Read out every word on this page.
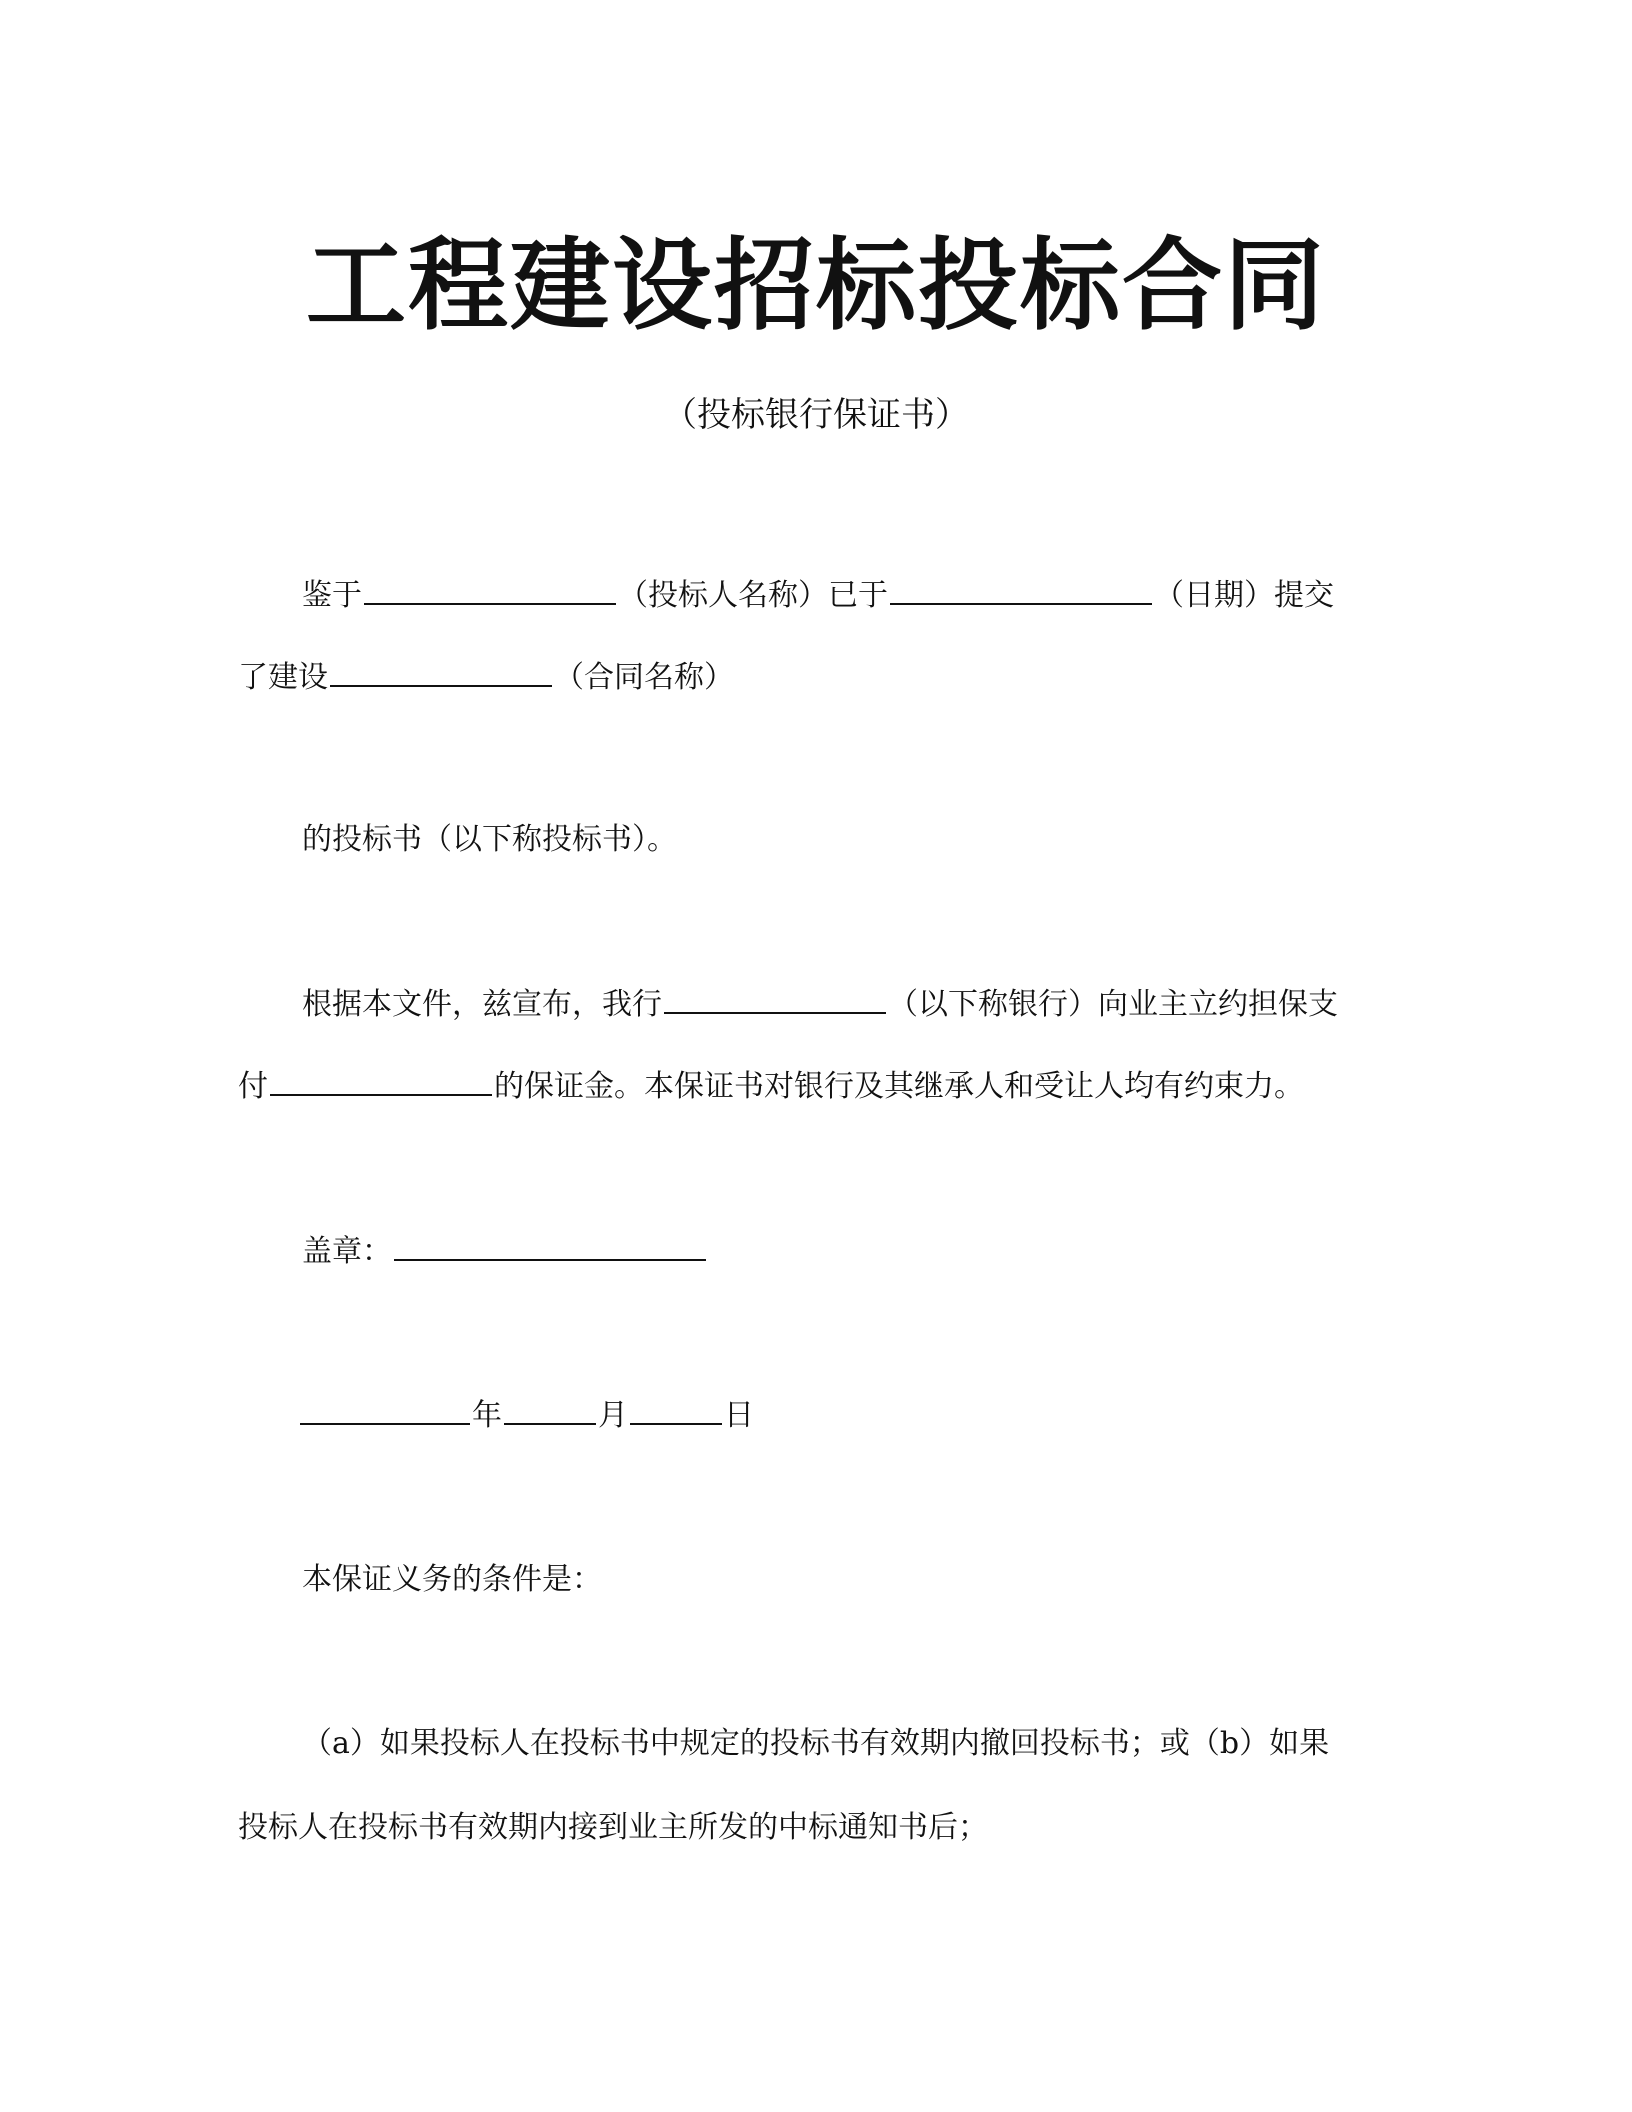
工程建设招标投标合同
（投标银行保证书）
鉴于	（投标人名称）已于	（日期）提交
了建设	（合同名称）
的投标书（以下称投标书）。
根据本文件，兹宣布，我行	（以下称银行）向业主立约担保支
付	的保证金。本保证书对银行及其继承人和受让人均有约束力。
盖章：
年	月	日
本保证义务的条件是：
（a）如果投标人在投标书中规定的投标书有效期内撤回投标书；或（b）如果
投标人在投标书有效期内接到业主所发的中标通知书后；
